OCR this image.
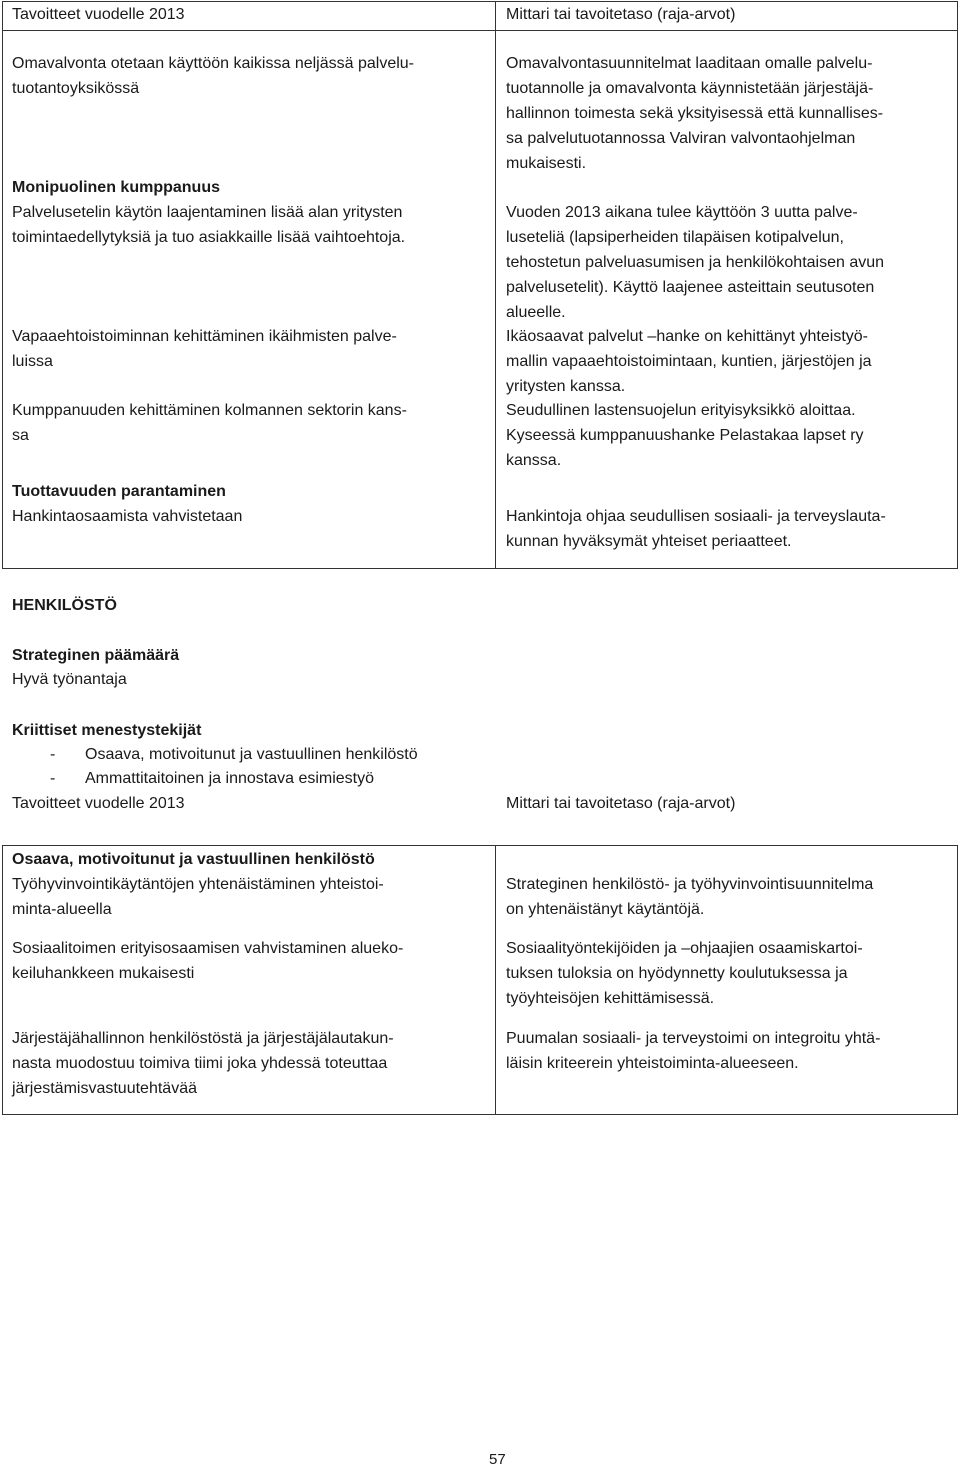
Tavoitteet vuodelle 2013	Mittari tai tavoitetaso (raja-arvot)
Omavalvonta otetaan käyttöön kaikissa neljässä palvelu-
tuotantoyksikössä
Monipuolinen kumppanuus
Palvelusetelin käytön laajentaminen lisää alan yritysten
toimintaedellytyksiä ja tuo asiakkaille lisää vaihtoehtoja.
Vapaaehtoistoiminnan kehittäminen ikäihmisten palve-
luissa
Kumppanuuden kehittäminen kolmannen sektorin kans-
sa
Tuottavuuden parantaminen
Hankintaosaamista vahvistetaan
Omavalvontasuunnitelmat laaditaan omalle palvelu-
tuotannolle ja omavalvonta käynnistetään järjestäjä-
hallinnon toimesta sekä yksityisessä että kunnallises-
sa palvelutuotannossa Valviran valvontaohjelman
mukaisesti.
Vuoden 2013 aikana tulee käyttöön 3 uutta palve-
luseteliä (lapsiperheiden tilapäisen kotipalvelun,
tehostetun palveluasumisen ja henkilökohtaisen avun
palvelusetelit). Käyttö laajenee asteittain seutusoten
alueelle.
Ikäosaavat palvelut –hanke on kehittänyt yhteistyö-
mallin vapaaehtoistoimintaan, kuntien, järjestöjen ja
yritysten kanssa.
Seudullinen lastensuojelun erityisyksikkö aloittaa.
Kyseessä kumppanuushanke Pelastakaa lapset ry
kanssa.
Hankintoja ohjaa seudullisen sosiaali- ja terveyslauta-
kunnan hyväksymät yhteiset periaatteet.
HENKILÖSTÖ
Strateginen päämäärä
Hyvä työnantaja
Kriittiset menestystekijät
- Osaava, motivoitunut ja vastuullinen henkilöstö
- Ammattitaitoinen ja innostava esimiestyö
Tavoitteet vuodelle 2013	Mittari tai tavoitetaso (raja-arvot)
Osaava, motivoitunut ja vastuullinen henkilöstö
Työhyvinvointikäytäntöjen yhtenäistäminen yhteistoi-
minta-alueella
Sosiaalitoimen erityisosaamisen vahvistaminen alueko-
keiluhankkeen mukaisesti
Järjestäjähallinnon henkilöstöstä ja järjestäjälautakun-
nasta muodostuu toimiva tiimi joka yhdessä toteuttaa
järjestämisvastuutehtävää
Strateginen henkilöstö- ja työhyvinvointisuunnitelma
on yhtenäistänyt käytäntöjä.
Sosiaalityöntekijöiden ja –ohjaajien osaamiskartoi-
tuksen tuloksia on hyödynnetty koulutuksessa ja
työyhteisöjen kehittämisessä.
Puumalan sosiaali- ja terveystoimi on integroitu yhtä-
läisin kriteerein yhteistoiminta-alueeseen.
57
